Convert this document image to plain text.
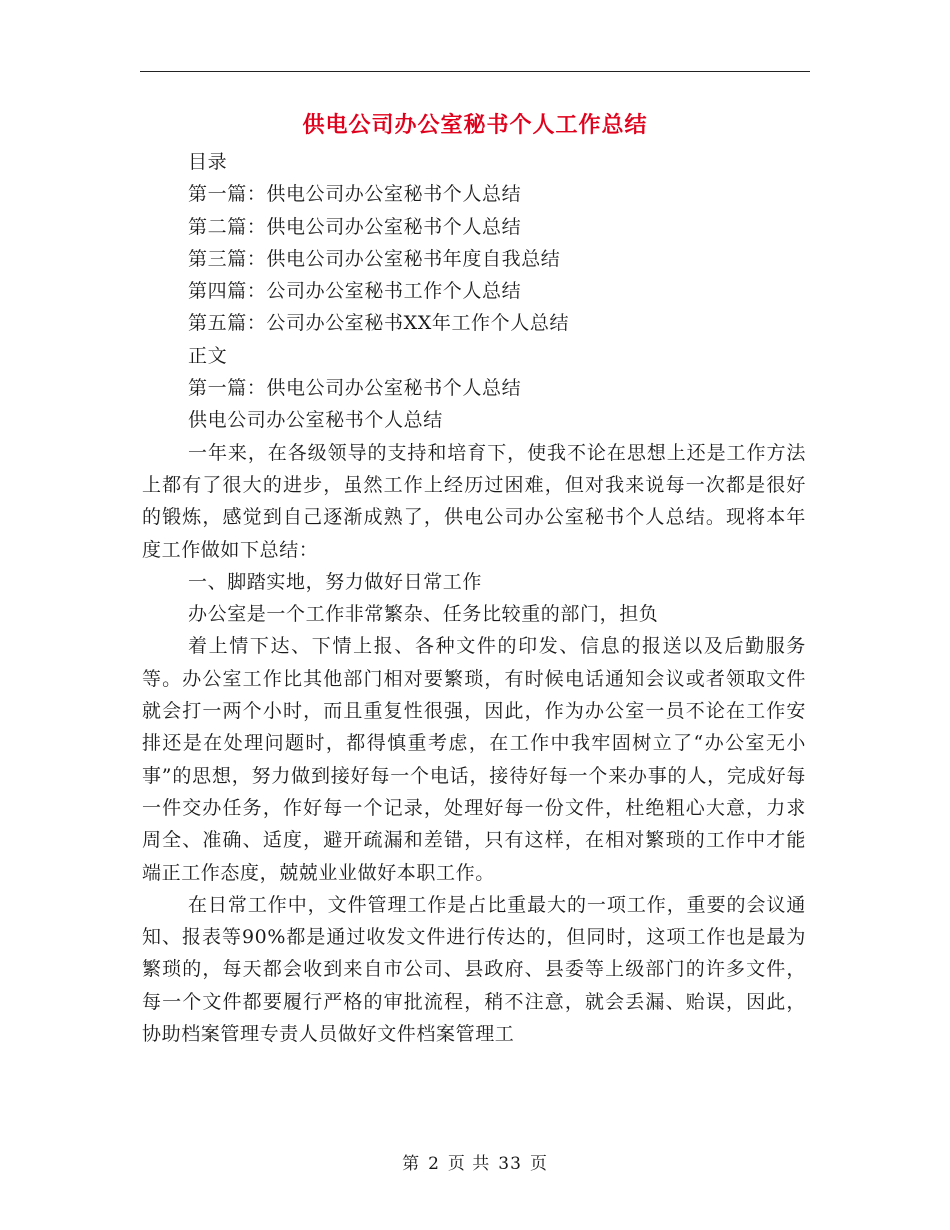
供电公司办公室秘书个人工作总结

目录

第一篇：供电公司办公室秘书个人总结

第二篇：供电公司办公室秘书个人总结

第三篇：供电公司办公室秘书年度自我总结

第四篇：公司办公室秘书工作个人总结

第五篇：公司办公室秘书XX年工作个人总结

正文

第一篇：供电公司办公室秘书个人总结

供电公司办公室秘书个人总结

一年来，在各级领导的支持和培育下，使我不论在思想上还是工作方法上都有了很大的进步，虽然工作上经历过困难，但对我来说每一次都是很好的锻炼，感觉到自己逐渐成熟了，供电公司办公室秘书个人总结。现将本年度工作做如下总结：

一、脚踏实地，努力做好日常工作

办公室是一个工作非常繁杂、任务比较重的部门，担负

着上情下达、下情上报、各种文件的印发、信息的报送以及后勤服务等。办公室工作比其他部门相对要繁琐，有时候电话通知会议或者领取文件就会打一两个小时，而且重复性很强，因此，作为办公室一员不论在工作安排还是在处理问题时，都得慎重考虑，在工作中我牢固树立了“办公室无小事”的思想，努力做到接好每一个电话，接待好每一个来办事的人，完成好每一件交办任务，作好每一个记录，处理好每一份文件，杜绝粗心大意，力求周全、准确、适度，避开疏漏和差错，只有这样，在相对繁琐的工作中才能端正工作态度，兢兢业业做好本职工作。

在日常工作中，文件管理工作是占比重最大的一项工作，重要的会议通知、报表等90%都是通过收发文件进行传达的，但同时，这项工作也是最为繁琐的，每天都会收到来自市公司、县政府、县委等上级部门的许多文件，每一个文件都要履行严格的审批流程，稍不注意，就会丢漏、贻误，因此，协助档案管理专责人员做好文件档案管理工

第 2 页 共 33 页
